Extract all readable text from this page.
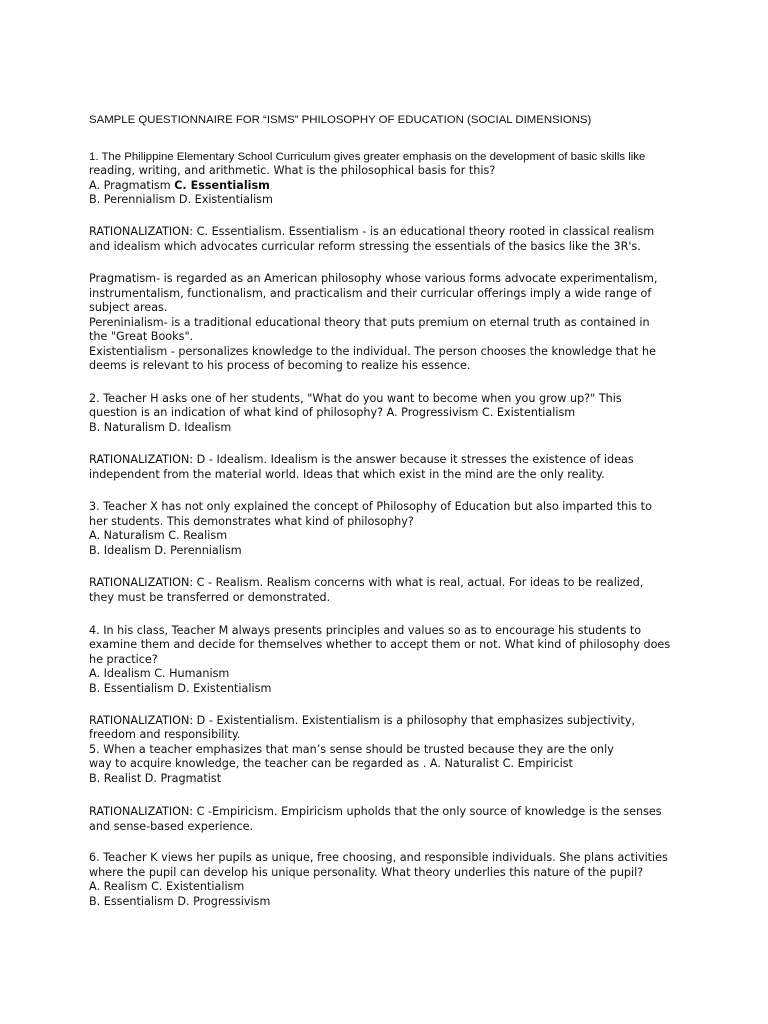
SAMPLE QUESTIONNAIRE FOR “ISMS” PHILOSOPHY OF EDUCATION (SOCIAL DIMENSIONS)
1. The Philippine Elementary School Curriculum gives greater emphasis on the development of basic skills like
reading, writing, and arithmetic. What is the philosophical basis for this?
A. Pragmatism C. Essentialism
B. Perennialism D. Existentialism
RATIONALIZATION: C. Essentialism. Essentialism - is an educational theory rooted in classical realism
and idealism which advocates curricular reform stressing the essentials of the basics like the 3R's.
Pragmatism- is regarded as an American philosophy whose various forms advocate experimentalism,
instrumentalism, functionalism, and practicalism and their curricular offerings imply a wide range of
subject areas.
Pereninialism- is a traditional educational theory that puts premium on eternal truth as contained in
the "Great Books".
Existentialism - personalizes knowledge to the individual. The person chooses the knowledge that he
deems is relevant to his process of becoming to realize his essence.
2. Teacher H asks one of her students, "What do you want to become when you grow up?" This
question is an indication of what kind of philosophy? A. Progressivism C. Existentialism
B. Naturalism D. Idealism
RATIONALIZATION: D - Idealism. Idealism is the answer because it stresses the existence of ideas
independent from the material world. Ideas that which exist in the mind are the only reality.
3. Teacher X has not only explained the concept of Philosophy of Education but also imparted this to
her students. This demonstrates what kind of philosophy?
A. Naturalism C. Realism
B. Idealism D. Perennialism
RATIONALIZATION: C - Realism. Realism concerns with what is real, actual. For ideas to be realized,
they must be transferred or demonstrated.
4. In his class, Teacher M always presents principles and values so as to encourage his students to
examine them and decide for themselves whether to accept them or not. What kind of philosophy does
he practice?
A. Idealism C. Humanism
B. Essentialism D. Existentialism
RATIONALIZATION: D - Existentialism. Existentialism is a philosophy that emphasizes subjectivity,
freedom and responsibility.
5. When a teacher emphasizes that man’s sense should be trusted because they are the only
way to acquire knowledge, the teacher can be regarded as . A. Naturalist C. Empiricist
B. Realist D. Pragmatist
RATIONALIZATION: C -Empiricism. Empiricism upholds that the only source of knowledge is the senses
and sense-based experience.
6. Teacher K views her pupils as unique, free choosing, and responsible individuals. She plans activities
where the pupil can develop his unique personality. What theory underlies this nature of the pupil?
A. Realism C. Existentialism
B. Essentialism D. Progressivism
